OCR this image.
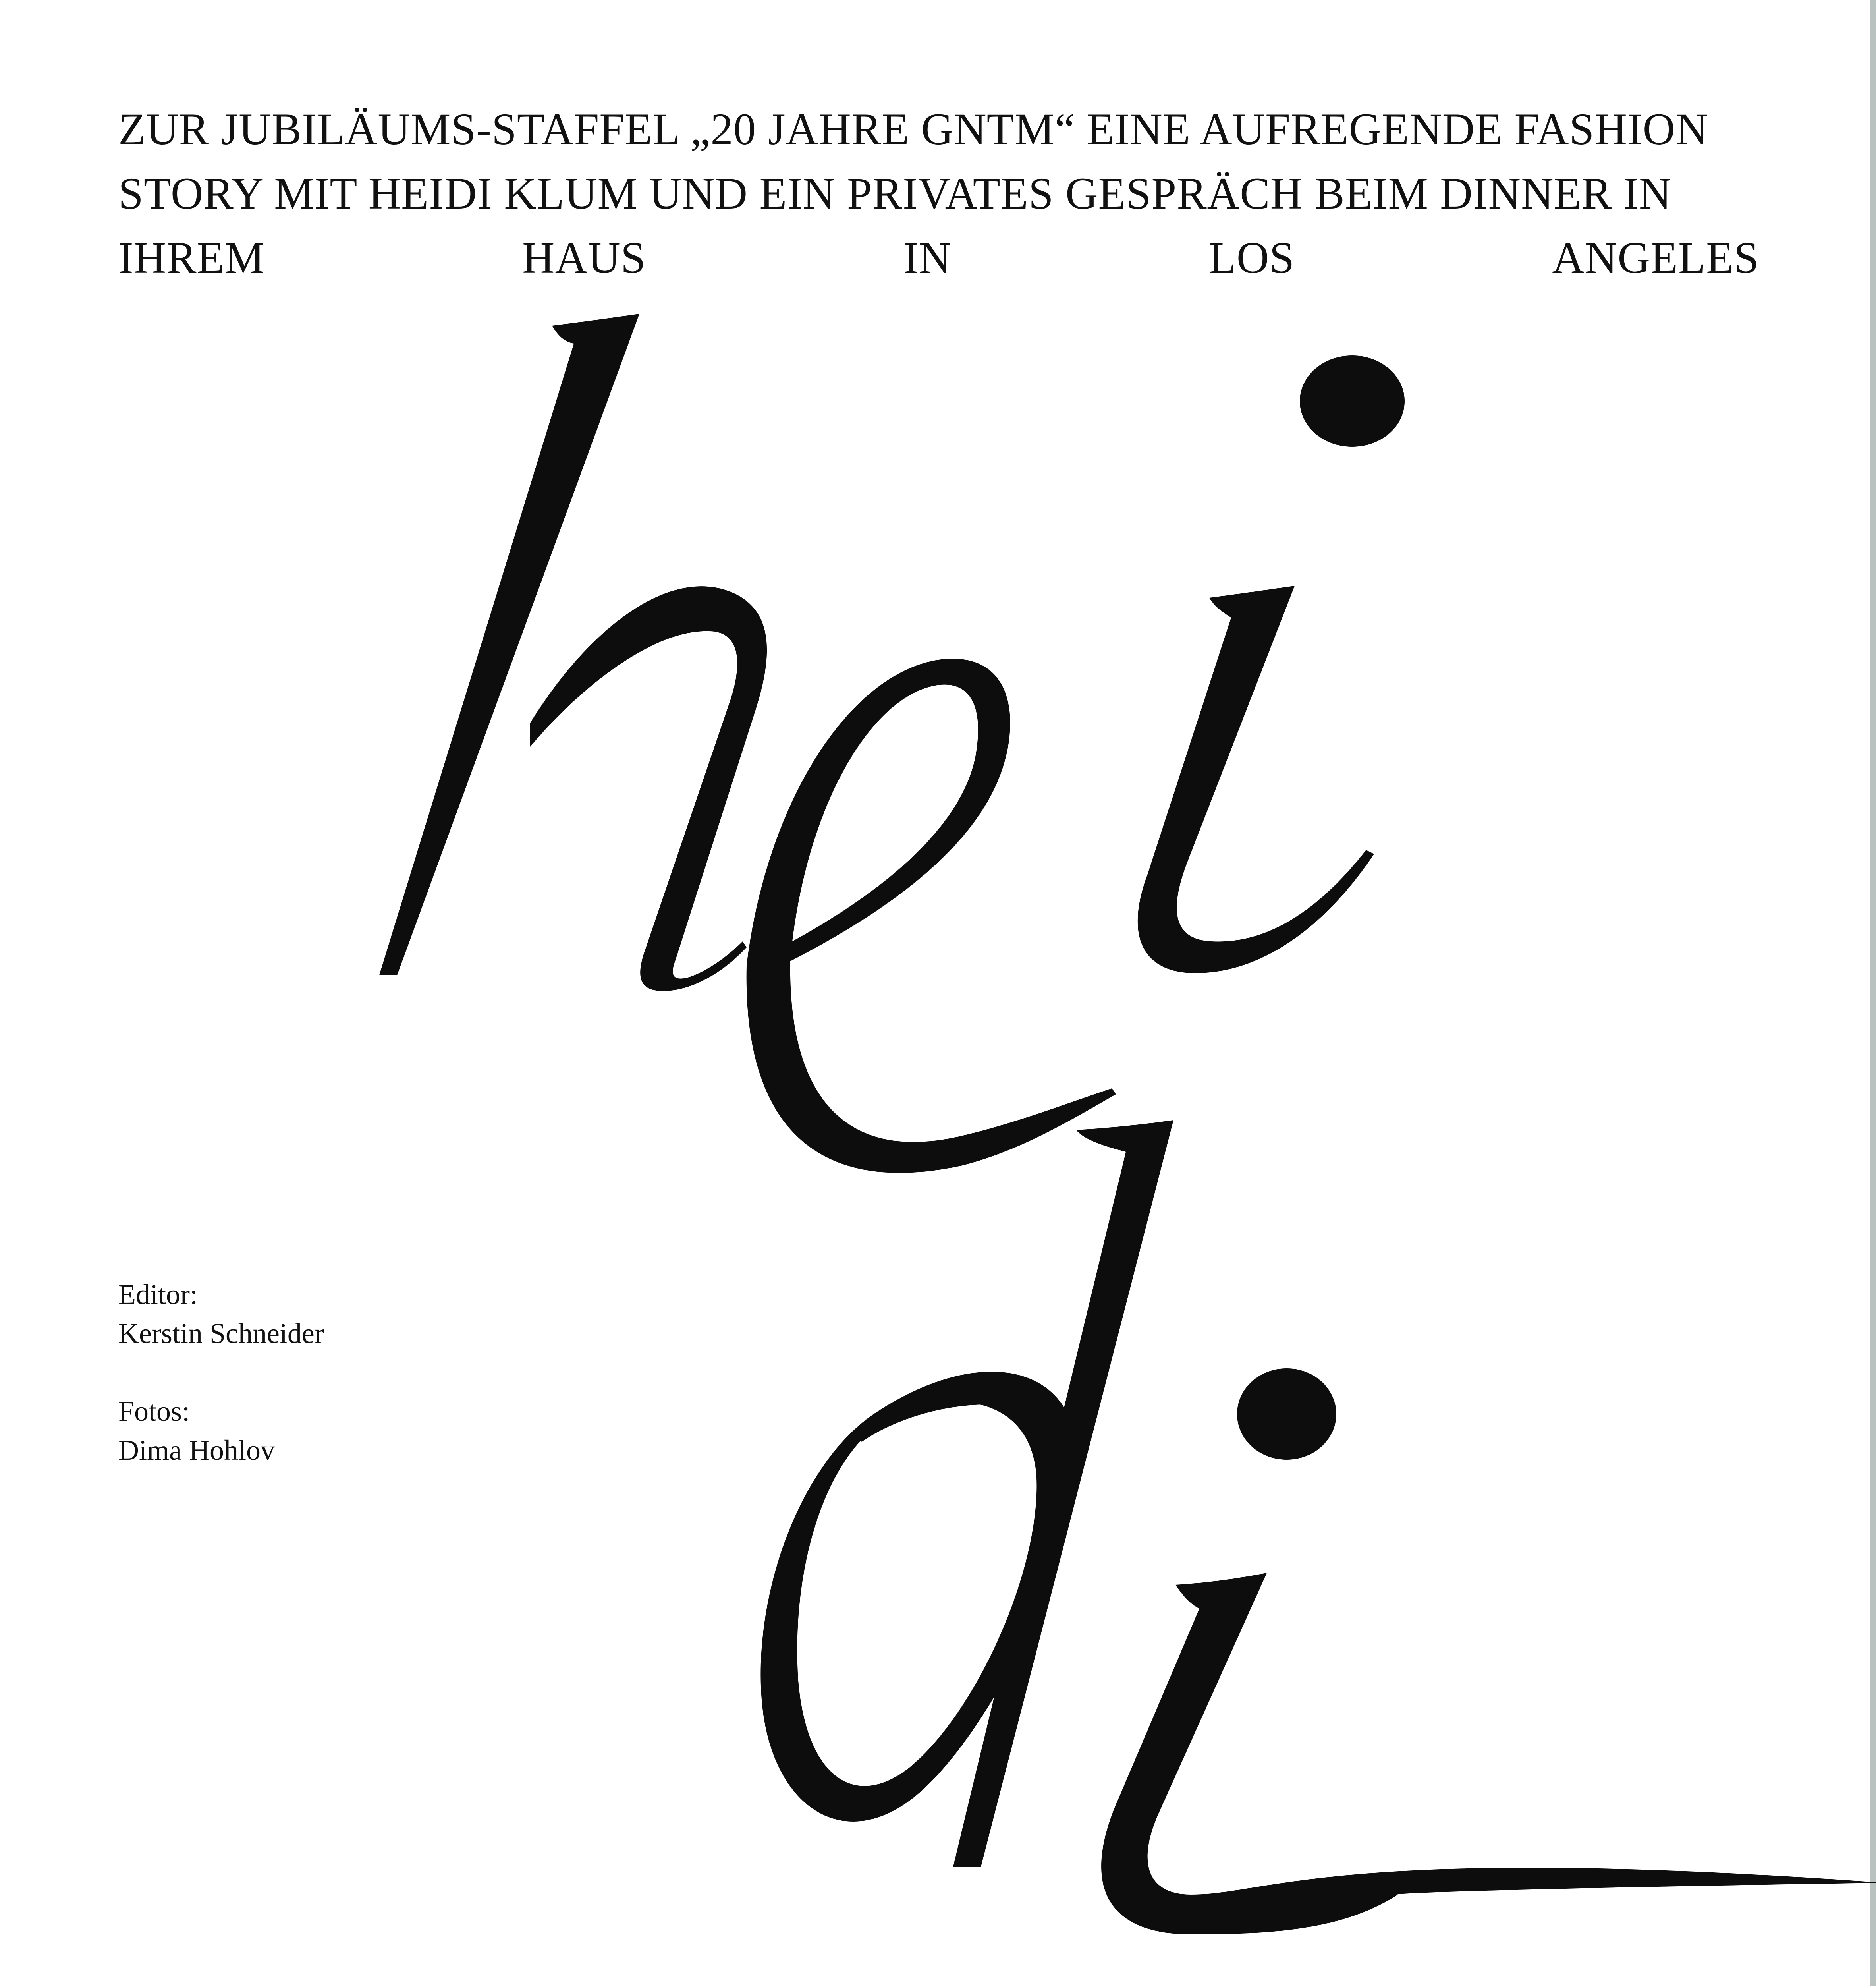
ZUR JUBILÄUMS-STAFFEL „20 JAHRE GNTM“ EINE AUFREGENDE FASHION
STORY MIT HEIDI KLUM UND EIN PRIVATES GESPRÄCH BEIM DINNER IN
IHREM	HAUS	IN	LOS	ANGELES
Editor:
Kerstin Schneider
Fotos:
Dima Hohlov
